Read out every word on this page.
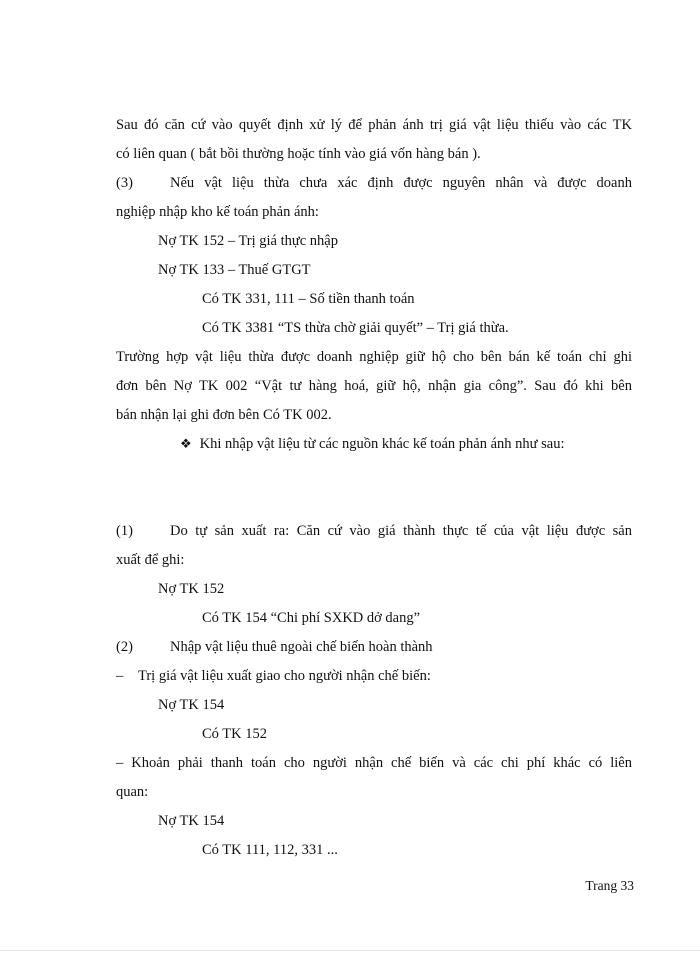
Sau đó căn cứ vào quyết định xử lý để phản ánh trị giá vật liệu thiếu vào các TK
có liên quan ( bắt bồi thường hoặc tính vào giá vốn hàng bán ).
(3)	Nếu vật liệu thừa chưa xác định được nguyên nhân và được doanh
nghiệp nhập kho kế toán phản ánh:
Nợ TK 152 – Trị giá thực nhập
Nợ TK 133 – Thuế GTGT
Có TK 331, 111 – Số tiền thanh toán
Có TK 3381 “TS thừa chờ giải quyết” – Trị giá thừa.
Trường hợp vật liệu thừa được doanh nghiệp giữ hộ cho bên bán kế toán chỉ ghi
đơn bên Nợ TK 002 “Vật tư hàng hoá, giữ hộ, nhận gia công”. Sau đó khi bên
bán nhận lại ghi đơn bên Có TK 002.
❖ Khi nhập vật liệu từ các nguồn khác kế toán phản ánh như sau:
(1)	Do tự sản xuất ra: Căn cứ vào giá thành thực tế của vật liệu được sản
xuất để ghi:
Nợ TK 152
Có TK 154 “Chi phí SXKD dở dang”
(2)	Nhập vật liệu thuê ngoài chế biến hoàn thành
– Trị giá vật liệu xuất giao cho người nhận chế biến:
Nợ TK 154
Có TK 152
– Khoản phải thanh toán cho người nhận chế biến và các chi phí khác có liên
quan:
Nợ TK 154
Có TK 111, 112, 331 ...
Trang 33
